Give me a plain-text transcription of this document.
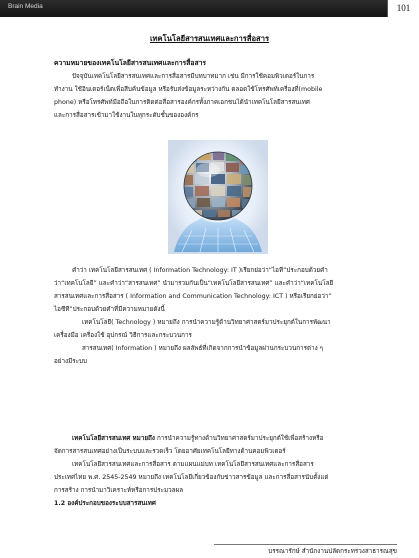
Brain Media	101
เทคโนโลยีสารสนเทศและการสื่อสาร
ความหมายของเทคโนโลยีสารสนเทศและการสื่อสาร

ปัจจุบันเทคโนโลยีสารสนเทศและการสื่อสารมีบทบาทมาก เช่น มีการใช้คอมพิวเตอร์ในการ

ทำงาน ใช้อินเตอร์เน็ตเพื่อสืบค้นข้อมูล หรือรับส่งข้อมูลระหว่างกัน ตลอดใช้โทรศัพท์เครื่องที่(mobile

phone) หรือโทรศัพท์มือถือในการติดต่อสื่อสารองค์กรทั้งภาคเอกชนได้นำเทคโนโลยีสารสนเทศ

และการสื่อสารเข้ามาใช้งานในทุกระดับชั้นขององค์กร

คำว่า เทคโนโลยีสารสนเทศ ( Information Technology: IT )เรียกย่อว่า“ไอที”ประกอบด้วยคำ

ว่า“เทคโนโลยี” และคำว่า“สารสนเทศ” นำมารวมกันเป็น“เทคโนโลยีสารสนเทศ” และคำว่า“เทคโนโลยี

สารสนเทศและการสื่อสาร ( Information and Communication Technology: ICT ) หรือเรียกย่อว่า”

ไอซีที”ประกอบด้วยคำที่มีความหมายดังนี้

เทคโนโลยี( Technology ) หมายถึง การนำความรู้ด้านวิทยาศาสตร์มาประยุกต์ในการพัฒนา

เครื่องมือ เครื่องใช้ อุปกรณ์ วิธีการและกระบวนการ

สารสนเทศ( Information ) หมายถึง ผลลัพธ์ที่เกิดจากการนำข้อมูลผ่านกระบวนการต่าง ๆ

อย่างมีระบบ

เทคโนโลยีสารสนเทศ หมายถึง การนำความรู้ทางด้านวิทยาศาสตร์มาประยุกต์ใช้เพื่อสร้างหรือ

จัดการสารสนเทศอย่างเป็นระบบและรวดเร็ว โดยอาศัยเทคโนโลยีทางด้านคอมพิวเตอร์

เทคโนโลยีสารสนเทศและการสื่อสาร ตามแผนแม่บท เทคโนโลยีสารสนเทศและการสื่อสาร

ประเทศไทย พ.ศ. 2545-2549 หมายถึง เทคโนโลยีเกี่ยวข้องกับข่าวสารข้อมูล และการสื่อสารนับตั้งแต่

การสร้าง การนำมาวิเคราะห์หรือการประมวลผล

1.2 องค์ประกอบของระบบสารสนเทศ

บรรณารักษ์ สำนักงานปลัดกระทรวงสาธารณสุข
